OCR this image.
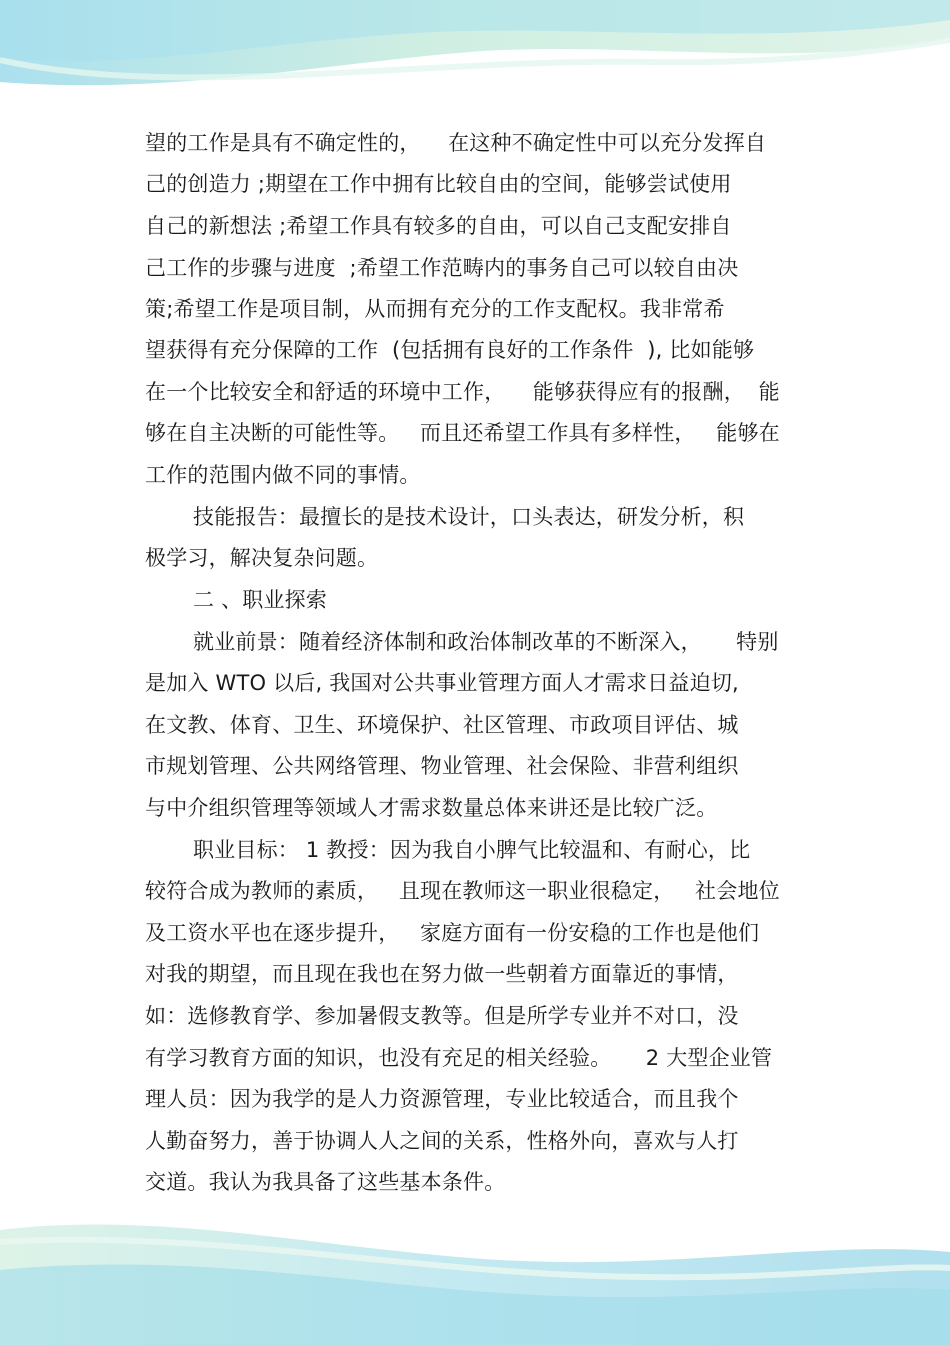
望的工作是具有不确定性的，    在这种不确定性中可以充分发挥自
己的创造力 ;期望在工作中拥有比较自由的空间，能够尝试使用
自己的新想法 ;希望工作具有较多的自由，可以自己支配安排自
己工作的步骤与进度  ;希望工作范畴内的事务自己可以较自由决
策;希望工作是项目制，从而拥有充分的工作支配权。我非常希
望获得有充分保障的工作  (包括拥有良好的工作条件  ), 比如能够
在一个比较安全和舒适的环境中工作，    能够获得应有的报酬，  能
够在自主决断的可能性等。   而且还希望工作具有多样性，   能够在
工作的范围内做不同的事情。
技能报告：最擅长的是技术设计，口头表达，研发分析，积
极学习，解决复杂问题。
二 、职业探索
就业前景：随着经济体制和政治体制改革的不断深入，     特别
是加入 WTO 以后, 我国对公共事业管理方面人才需求日益迫切,
在文教、体育、卫生、环境保护、社区管理、市政项目评估、城
市规划管理、公共网络管理、物业管理、社会保险、非营利组织
与中介组织管理等领域人才需求数量总体来讲还是比较广泛。
职业目标： 1 教授：因为我自小脾气比较温和、有耐心，比
较符合成为教师的素质，   且现在教师这一职业很稳定，   社会地位
及工资水平也在逐步提升，   家庭方面有一份安稳的工作也是他们
对我的期望，而且现在我也在努力做一些朝着方面靠近的事情，
如：选修教育学、参加暑假支教等。但是所学专业并不对口，没
有学习教育方面的知识，也没有充足的相关经验。     2 大型企业管
理人员：因为我学的是人力资源管理，专业比较适合，而且我个
人勤奋努力，善于协调人人之间的关系，性格外向，喜欢与人打
交道。我认为我具备了这些基本条件。
